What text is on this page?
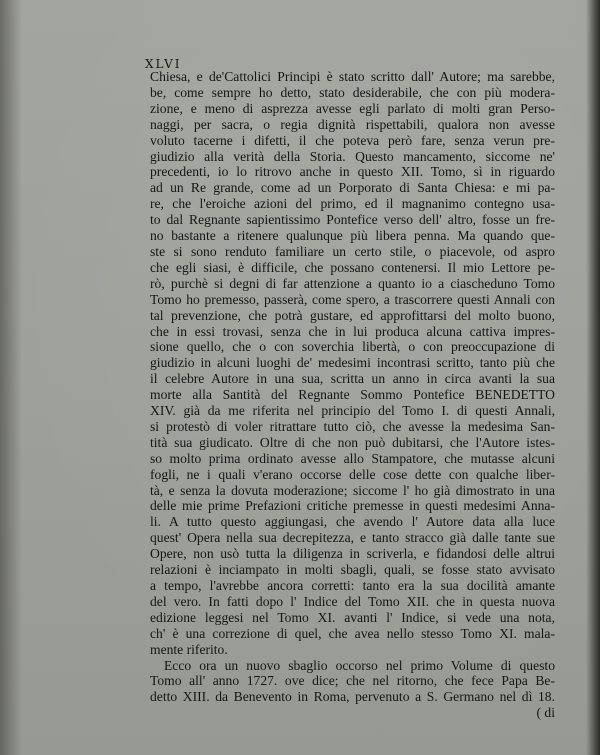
XLVI
Chiesa, e de'Cattolici Principi è stato scritto dall' Autore; ma sarebbe,
be, come sempre ho detto, stato desiderabile, che con più modera-
zione, e meno di asprezza avesse egli parlato di molti gran Perso-
naggi, per sacra, o regia dignità rispettabili, qualora non avesse
voluto tacerne i difetti, il che poteva però fare, senza verun pre-
giudizio alla verità della Storia. Questo mancamento, siccome ne'
precedenti, io lo ritrovo anche in questo XII. Tomo, sì in riguardo
ad un Re grande, come ad un Porporato di Santa Chiesa: e mi pa-
re, che l'eroiche azioni del primo, ed il magnanimo contegno usa-
to dal Regnante sapientissimo Pontefice verso dell' altro, fosse un fre-
no bastante a ritenere qualunque più libera penna. Ma quando que-
ste si sono renduto familiare un certo stile, o piacevole, od aspro
che egli siasi, è difficile, che possano contenersi. Il mio Lettore pe-
rò, purchè si degni di far attenzione a quanto io a ciascheduno Tomo
Tomo ho premesso, passerà, come spero, a trascorrere questi Annali con
tal prevenzione, che potrà gustare, ed approfittarsi del molto buono,
che in essi trovasi, senza che in lui produca alcuna cattiva impres-
sione quello, che o con soverchia libertà, o con preoccupazione di
giudizio in alcuni luoghi de' medesimi incontrasi scritto, tanto più che
il celebre Autore in una sua, scritta un anno in circa avanti la sua
morte alla Santità del Regnante Sommo Pontefice BENEDETTO
XIV. già da me riferita nel principio del Tomo I. di questi Annali,
si protestò di voler ritrattare tutto ciò, che avesse la medesima San-
tità sua giudicato. Oltre di che non può dubitarsi, che l'Autore istes-
so molto prima ordinato avesse allo Stampatore, che mutasse alcuni
fogli, ne i quali v'erano occorse delle cose dette con qualche liber-
tà, e senza la dovuta moderazione; siccome l' ho già dimostrato in una
delle mie prime Prefazioni critiche premesse in questi medesimi Anna-
li. A tutto questo aggiungasi, che avendo l' Autore data alla luce
quest' Opera nella sua decrepitezza, e tanto stracco già dalle tante sue
Opere, non usò tutta la diligenza in scriverla, e fidandosi delle altrui
relazioni è inciampato in molti sbagli, quali, se fosse stato avvisato
a tempo, l'avrebbe ancora corretti: tanto era la sua docilità amante
del vero. In fatti dopo l' Indice del Tomo XII. che in questa nuova
edizione leggesi nel Tomo XI. avanti l' Indice, si vede una nota,
ch' è una correzione di quel, che avea nello stesso Tomo XI. mala-
mente riferito.
Ecco ora un nuovo sbaglio occorso nel primo Volume di questo
Tomo all' anno 1727. ove dice; che nel ritorno, che fece Papa Be-
detto XIII. da Benevento in Roma, pervenuto a S. Germano nel dì 18.
( di
